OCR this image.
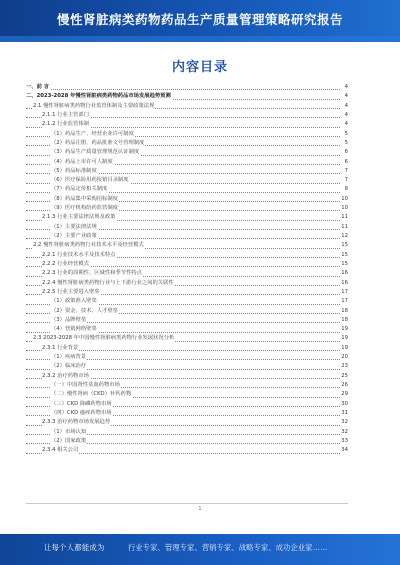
慢性肾脏病类药物药品生产质量管理策略研究报告
内容目录
一、前 言	4
二、2023-2028 年慢性肾脏病类药物药品市场发展趋势预测	4
2.1 慢性肾脏病类药物行业监管体制及主要政策法规	4
2.1.1 行业主管部门	4
2.1.2 行业监管体制	4
（1）药品生产、经营企业许可制度	5
（2）药品注册、药品批准文号管理制度	5
（3）药品生产质量管理规范认证制度	6
（4）药品上市许可人制度	6
（5）药品标准制度	7
（6）医疗保险用药报销目录制度	7
（7）药品定价相关制度	8
（8）药品集中采购招标制度	10
（9）医疗机构给药监管制度	10
2.1.3 行业主要法律法规及政策	11
（1）主要法律法规	11
（2）主要产业政策	12
2.2 慢性肾脏病类药物行业技术水平及经营模式	15
2.2.1 行业技术水平及技术特点	15
2.2.2 行业经营模式	15
2.2.3 行业的周期性、区域性和季节性特点	16
2.2.4 慢性肾脏病类药物行业与上下游行业之间的关联性	16
2.2.5 行业主要进入壁垒	17
（1）政策准入壁垒	17
（2）资金、技术、人才壁垒	18
（3）品牌壁垒	18
（4）营销网络壁垒	19
2.3 2023-2028 年中国慢性肾脏病类药物行业发展状况分析	19
2.3.1 行业背景	19
（1）疾病背景	20
（2）临床治疗	23
2.3.2 治疗药物市场	25
（一）中国肾性贫血药物市场	26
（二）慢性肾病（CKD）补钙药物	29
（三）CKD 降磷药物市场	30
（四）CKD 瘙痒药物市场	31
2.3.3 治疗药物市场发展趋势	32
（1）市场认知	32
（2）国家政策	33
2.3.4 相关公司	34
1
让每个人都能成为	行业专家、管理专家、营销专家、战略专家、成功企业家……
